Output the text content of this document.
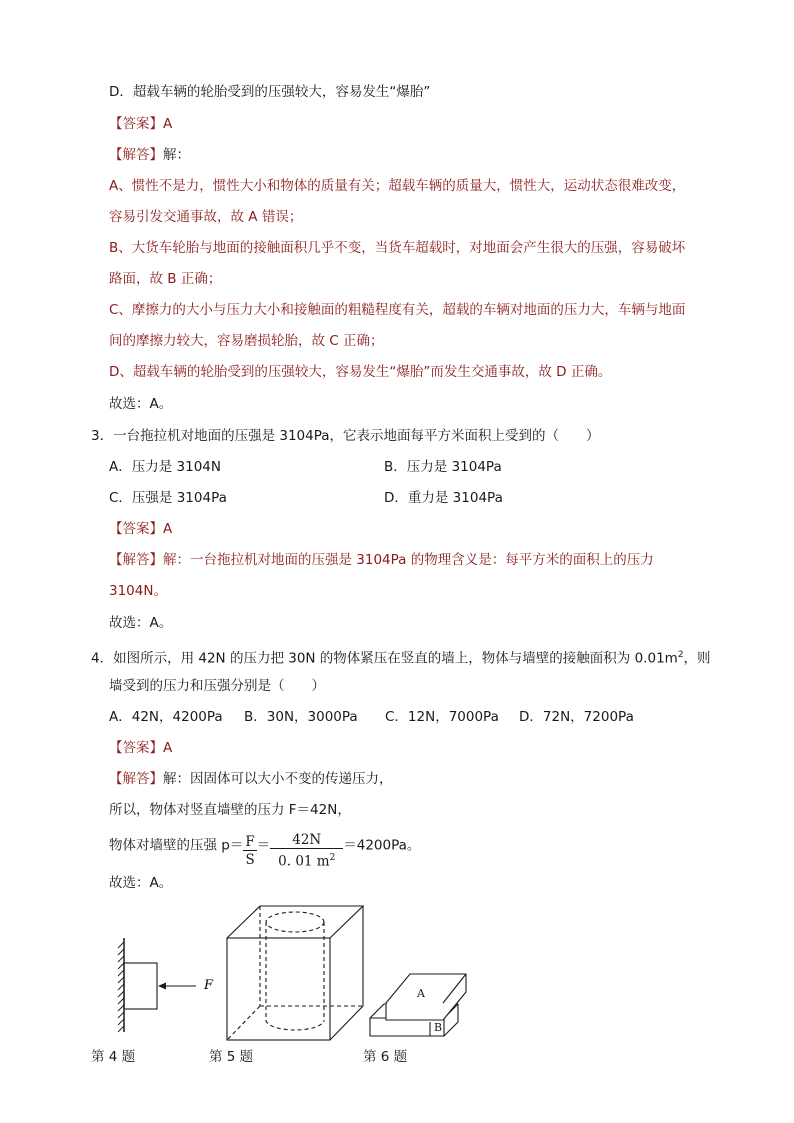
D．超载车辆的轮胎受到的压强较大，容易发生“爆胎”
【答案】A
【解答】解：
A、惯性不是力，惯性大小和物体的质量有关；超载车辆的质量大，惯性大，运动状态很难改变，
容易引发交通事故，故 A 错误；
B、大货车轮胎与地面的接触面积几乎不变，当货车超载时，对地面会产生很大的压强，容易破坏
路面，故 B 正确；
C、摩擦力的大小与压力大小和接触面的粗糙程度有关，超载的车辆对地面的压力大，车辆与地面
间的摩擦力较大，容易磨损轮胎，故 C 正确；
D、超载车辆的轮胎受到的压强较大，容易发生“爆胎”而发生交通事故，故 D 正确。
故选：A。
3．一台拖拉机对地面的压强是 3104Pa，它表示地面每平方米面积上受到的（　　）
A．压力是 3104N	B．压力是 3104Pa
C．压强是 3104Pa	D．重力是 3104Pa
【答案】A
【解答】解：一台拖拉机对地面的压强是 3104Pa 的物理含义是：每平方米的面积上的压力
3104N。
故选：A。
4．如图所示，用 42N 的压力把 30N 的物体紧压在竖直的墙上，物体与墙壁的接触面积为 $0.01m^2$，则
墙受到的压力和压强分别是（　　）
A．42N，4200Pa B．30N，3000Pa C．12N，7000Pa D．72N，7200Pa
【答案】A
【解答】解：因固体可以大小不变的传递压力，
所以，物体对竖直墙壁的压力 F＝42N，
物体对墙壁的压强 $p= \frac{F}{S} = \frac{42N}{0. 01 m^2} =4200Pa$。
故选：A。
F
A
B
第 4 题	第 5 题	第 6 题
